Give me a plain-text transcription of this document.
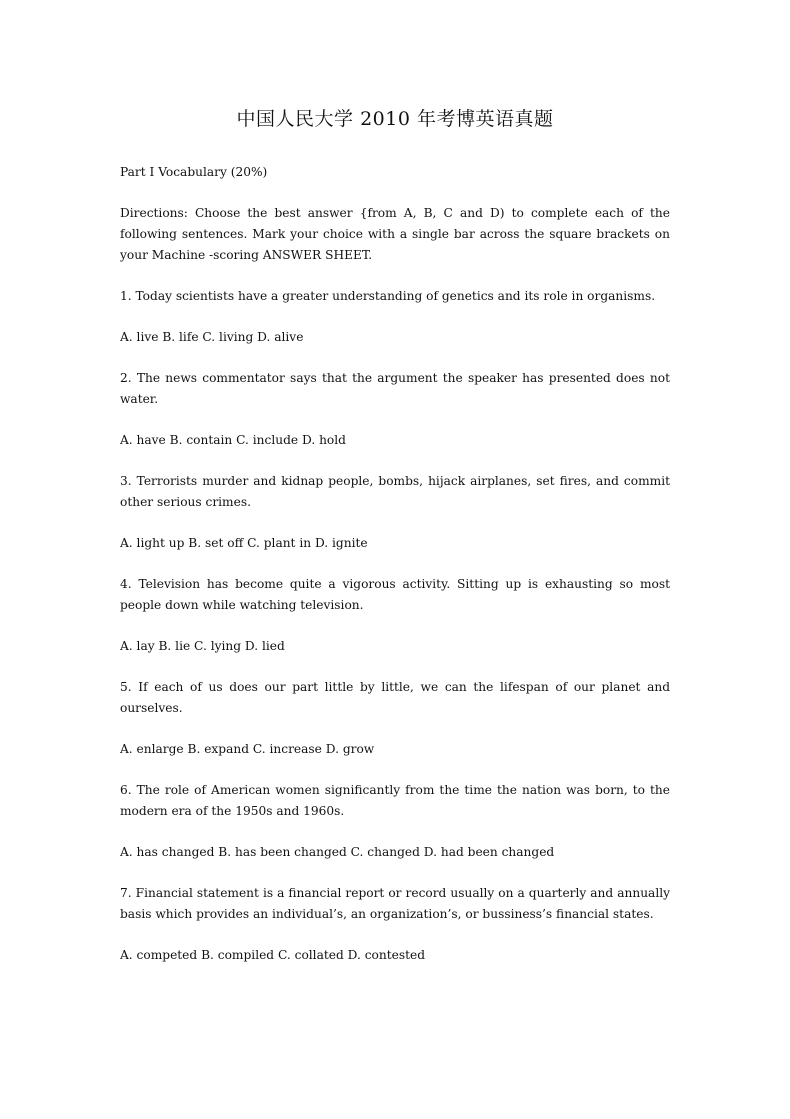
中国人民大学 2010 年考博英语真题

Part I Vocabulary (20%)

Directions: Choose the best answer {from A, B, C and D) to complete each of the following sentences. Mark your choice with a single bar across the square brackets on your Machine -scoring ANSWER SHEET.

1. Today scientists have a greater understanding of genetics and its role in organisms.

A. live B. life C. living D. alive

2. The news commentator says that the argument the speaker has presented does not water.

A. have B. contain C. include D. hold

3. Terrorists murder and kidnap people, bombs, hijack airplanes, set fires, and commit other serious crimes.

A. light up B. set off C. plant in D. ignite

4. Television has become quite a vigorous activity. Sitting up is exhausting so most people down while watching television.

A. lay B. lie C. lying D. lied

5. If each of us does our part little by little, we can the lifespan of our planet and ourselves.

A. enlarge B. expand C. increase D. grow

6. The role of American women significantly from the time the nation was born, to the modern era of the 1950s and 1960s.

A. has changed B. has been changed C. changed D. had been changed

7. Financial statement is a financial report or record usually on a quarterly and annually basis which provides an individual’s, an organization’s, or bussiness’s financial states.

A. competed B. compiled C. collated D. contested
